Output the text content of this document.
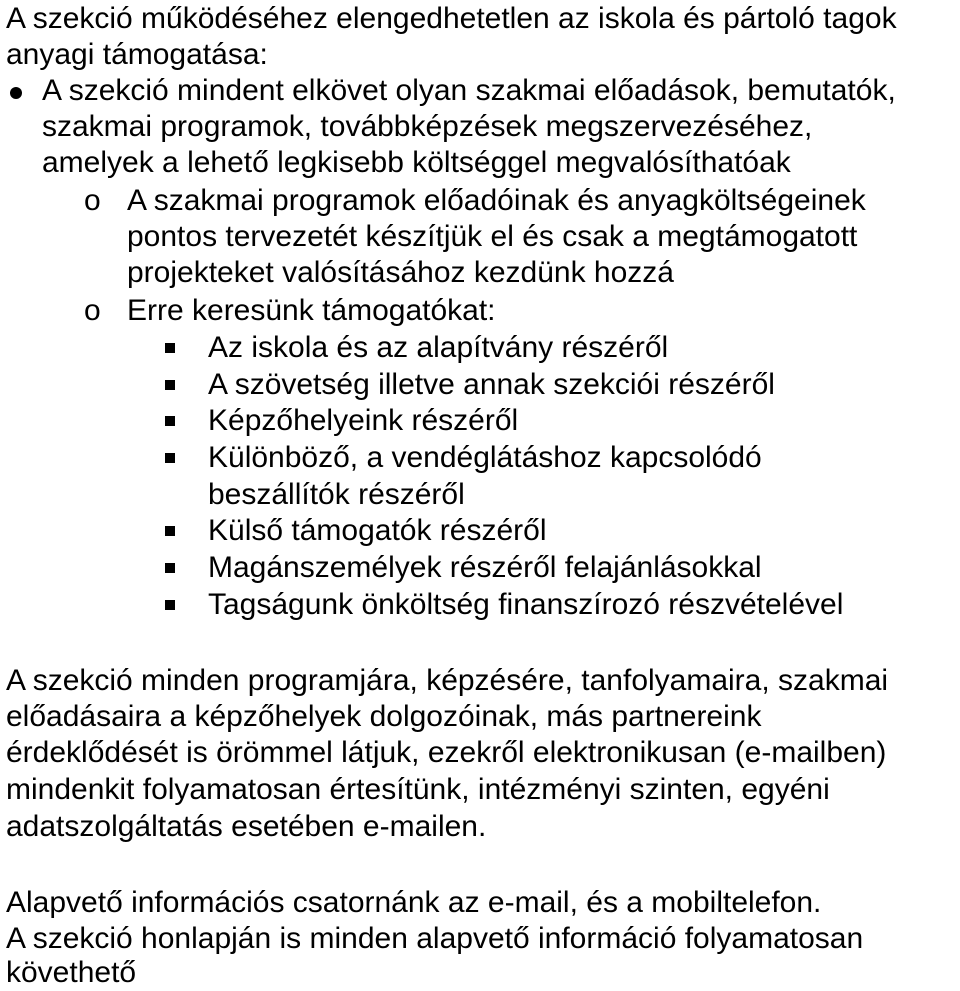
A szekció működéséhez elengedhetetlen az iskola és pártoló tagok

anyagi támogatása:

A szekció mindent elkövet olyan szakmai előadások, bemutatók,

szakmai programok, továbbképzések megszervezéséhez,

amelyek a lehető legkisebb költséggel megvalósíthatóak

o A szakmai programok előadóinak és anyagköltségeinek

pontos tervezetét készítjük el és csak a megtámogatott

projekteket valósításához kezdünk hozzá

o Erre keresünk támogatókat:

Az iskola és az alapítvány részéről

A szövetség illetve annak szekciói részéről

Képzőhelyeink részéről

Különböző, a vendéglátáshoz kapcsolódó

beszállítók részéről

Külső támogatók részéről

Magánszemélyek részéről felajánlásokkal

Tagságunk önköltség finanszírozó részvételével

A szekció minden programjára, képzésére, tanfolyamaira, szakmai

előadásaira a képzőhelyek dolgozóinak, más partnereink

érdeklődését is örömmel látjuk, ezekről elektronikusan (e-mailben)

mindenkit folyamatosan értesítünk, intézményi szinten, egyéni

adatszolgáltatás esetében e-mailen.

Alapvető információs csatornánk az e-mail, és a mobiltelefon.

A szekció honlapján is minden alapvető információ folyamatosan

követhető
